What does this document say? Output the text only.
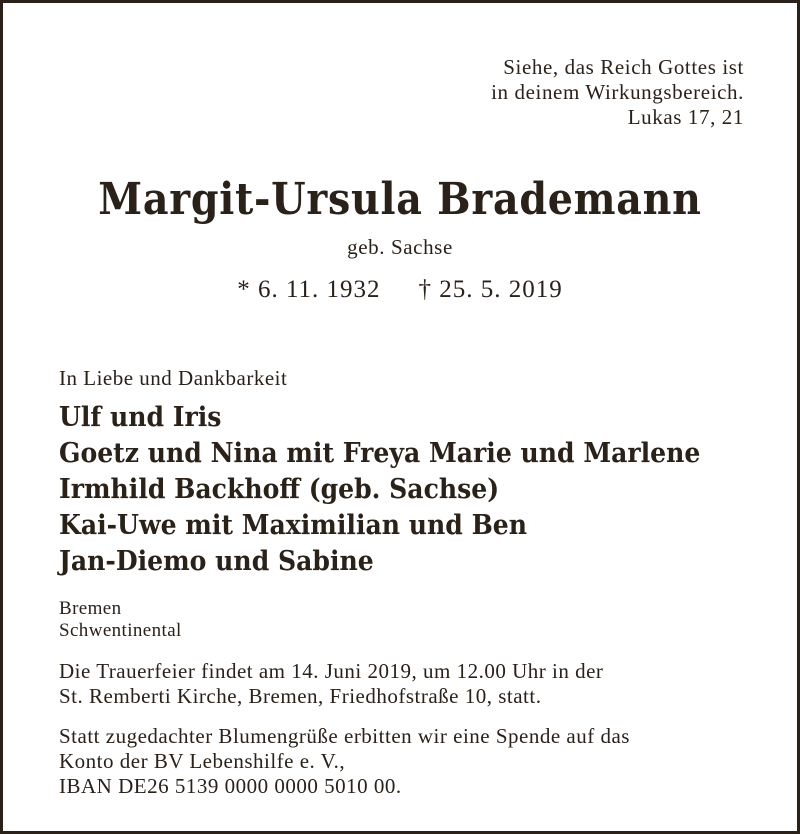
Siehe, das Reich Gottes ist
in deinem Wirkungsbereich.
Lukas 17, 21
Margit-Ursula Brademann
geb. Sachse
* 6. 11. 1932 † 25. 5. 2019
In Liebe und Dankbarkeit
Ulf und Iris
Goetz und Nina mit Freya Marie und Marlene
Irmhild Backhoff (geb. Sachse)
Kai-Uwe mit Maximilian und Ben
Jan-Diemo und Sabine
Bremen
Schwentinental
Die Trauerfeier findet am 14. Juni 2019, um 12.00 Uhr in der
St. Remberti Kirche, Bremen, Friedhofstraße 10, statt.
Statt zugedachter Blumengrüße erbitten wir eine Spende auf das
Konto der BV Lebenshilfe e. V.,
IBAN DE26 5139 0000 0000 5010 00.
